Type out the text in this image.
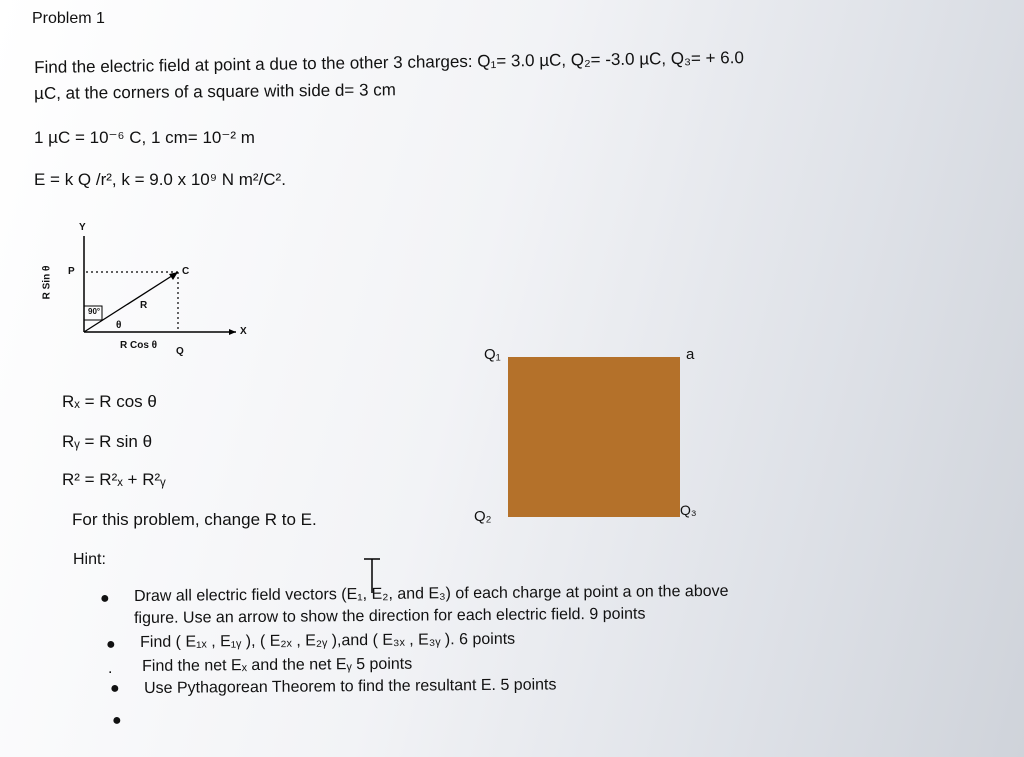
Problem 1
Find the electric field at point a due to the other 3 charges: Q₁= 3.0 µC, Q₂= -3.0 µC, Q₃= + 6.0
µC, at the corners of a square with side d= 3 cm
1 µC = 10⁻⁶ C, 1 cm= 10⁻² m
E = k Q /r², k = 9.0 x 10⁹ N m²/C².
Y
X
P	C
90°
R
θ
R Sin θ
R Cos θ
Q
Rₓ = R cos θ
Rᵧ = R sin θ
R² = R²ₓ + R²ᵧ
For this problem, change R to E.
Hint:
Q₁	a
Q₂	Q₃
● Draw all electric field vectors (E₁, E₂, and E₃) of each charge at point a on the above
figure. Use an arrow to show the direction for each electric field. 9 points
● Find ( E₁ₓ , E₁ᵧ ), ( E₂ₓ , E₂ᵧ ),and ( E₃ₓ , E₃ᵧ ). 6 points
. Find the net Eₓ and the net Eᵧ 5 points
● Use Pythagorean Theorem to find the resultant E. 5 points
●
